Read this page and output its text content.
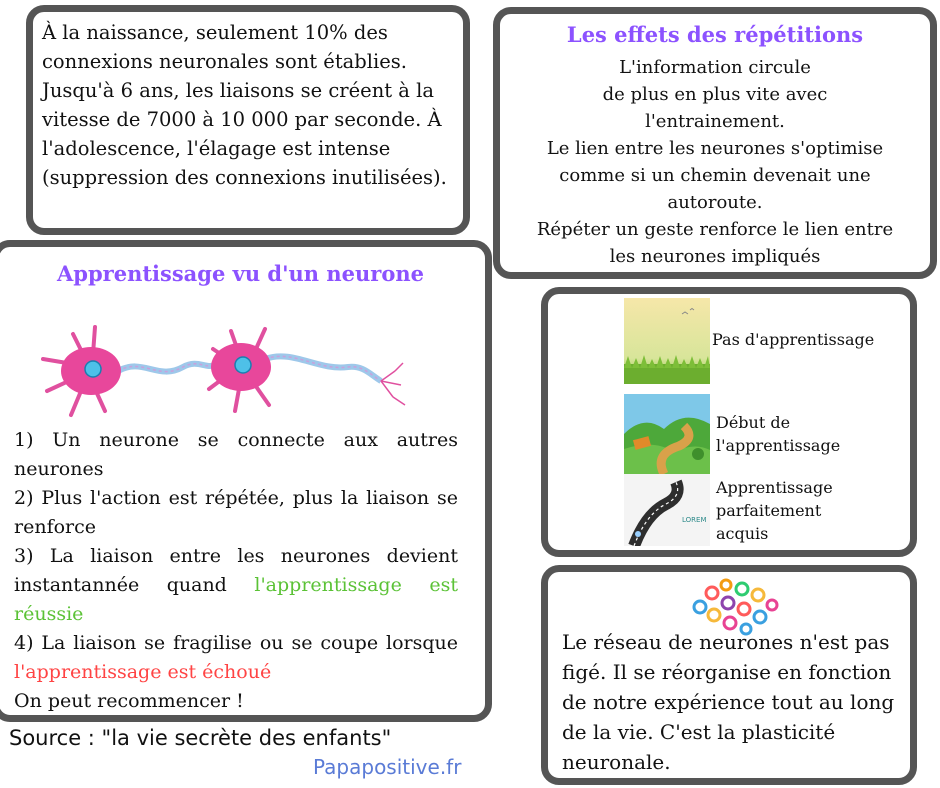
À la naissance, seulement 10% des connexions neuronales sont établies. Jusqu'à 6 ans, les liaisons se créent à la vitesse de 7000 à 10 000 par seconde. À l'adolescence, l'élagage est intense (suppression des connexions inutilisées).
Les effets des répétitions

L'information circule

de plus en plus vite avec

l'entrainement.

Le lien entre les neurones s'optimise

comme si un chemin devenait une

autoroute.

Répéter un geste renforce le lien entre

les neurones impliqués

Apprentissage vu d'un neurone

1) Un neurone se connecte aux autres neurones

2) Plus l'action est répétée, plus la liaison se renforce

3) La liaison entre les neurones devient instantannée quand l'apprentissage est réussie

4) La liaison se fragilise ou se coupe lorsque l'apprentissage est échoué

On peut recommencer !

Pas d'apprentissage
Début de
l'apprentissage
LOREM
Apprentissage
parfaitement
acquis
Le réseau de neurones n'est pas figé. Il se réorganise en fonction de notre expérience tout au long de la vie. C'est la plasticité neuronale.
Source : "la vie secrète des enfants"
Papapositive.fr
